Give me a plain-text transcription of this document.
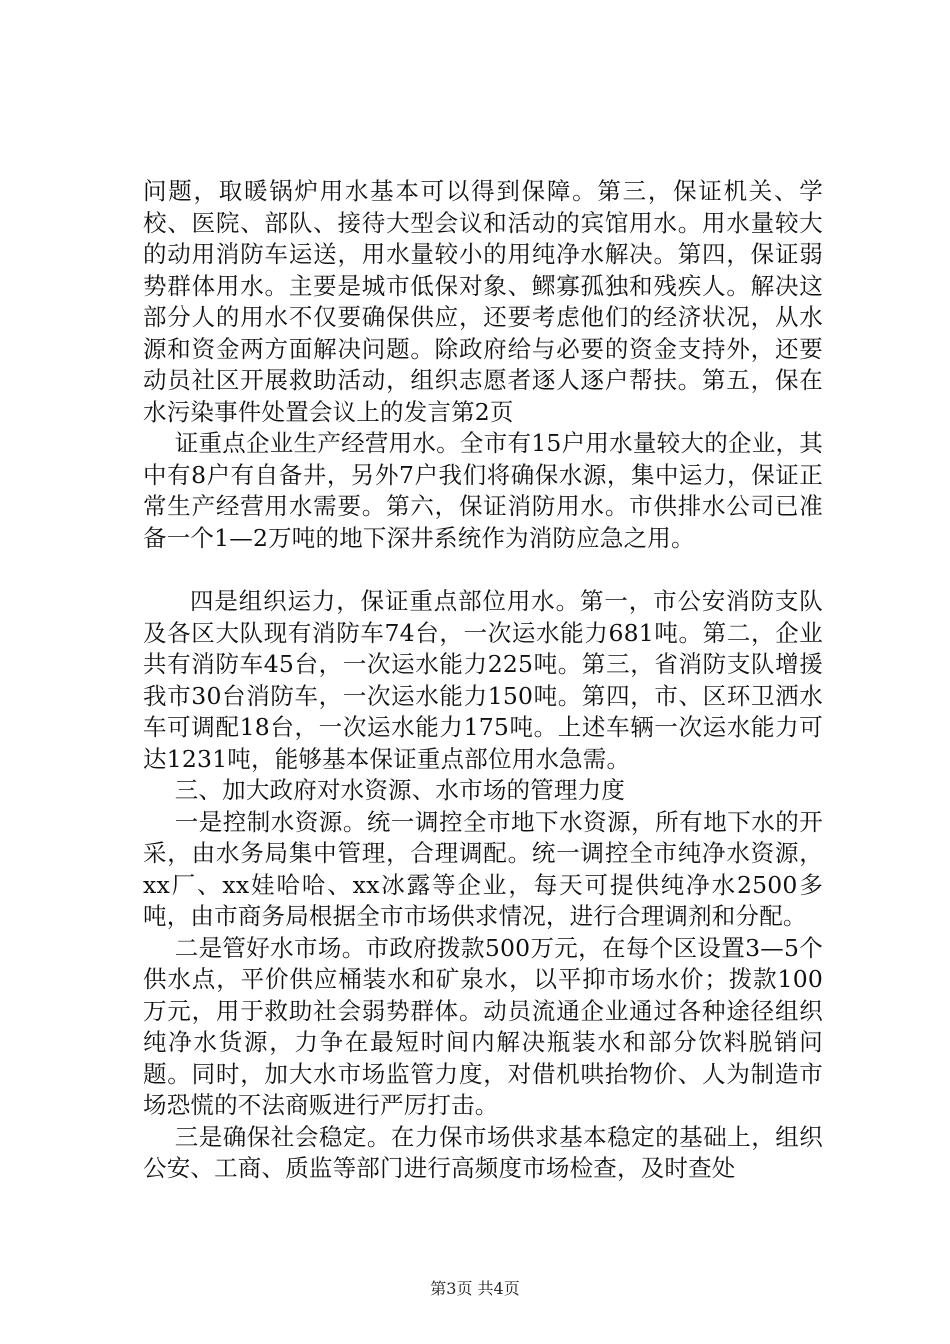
问题，取暖锅炉用水基本可以得到保障。第三，保证机关、学校、医院、部队、接待大型会议和活动的宾馆用水。用水量较大的动用消防车运送，用水量较小的用纯净水解决。第四，保证弱势群体用水。主要是城市低保对象、鳏寡孤独和残疾人。解决这部分人的用水不仅要确保供应，还要考虑他们的经济状况，从水源和资金两方面解决问题。除政府给与必要的资金支持外，还要动员社区开展救助活动，组织志愿者逐人逐户帮扶。第五，保在水污染事件处置会议上的发言第2页

证重点企业生产经营用水。全市有15户用水量较大的企业，其中有8户有自备井，另外7户我们将确保水源，集中运力，保证正常生产经营用水需要。第六，保证消防用水。市供排水公司已准备一个1—2万吨的地下深井系统作为消防应急之用。

四是组织运力，保证重点部位用水。第一，市公安消防支队及各区大队现有消防车74台，一次运水能力681吨。第二，企业共有消防车45台，一次运水能力225吨。第三，省消防支队增援我市30台消防车，一次运水能力150吨。第四，市、区环卫洒水车可调配18台，一次运水能力175吨。上述车辆一次运水能力可达1231吨，能够基本保证重点部位用水急需。

三、加大政府对水资源、水市场的管理力度

一是控制水资源。统一调控全市地下水资源，所有地下水的开采，由水务局集中管理，合理调配。统一调控全市纯净水资源，xx厂、xx娃哈哈、xx冰露等企业，每天可提供纯净水2500多吨，由市商务局根据全市市场供求情况，进行合理调剂和分配。

二是管好水市场。市政府拨款500万元，在每个区设置3—5个供水点，平价供应桶装水和矿泉水，以平抑市场水价；拨款100万元，用于救助社会弱势群体。动员流通企业通过各种途径组织纯净水货源，力争在最短时间内解决瓶装水和部分饮料脱销问题。同时，加大水市场监管力度，对借机哄抬物价、人为制造市场恐慌的不法商贩进行严厉打击。

三是确保社会稳定。在力保市场供求基本稳定的基础上，组织公安、工商、质监等部门进行高频度市场检查，及时查处

第3页 共4页
